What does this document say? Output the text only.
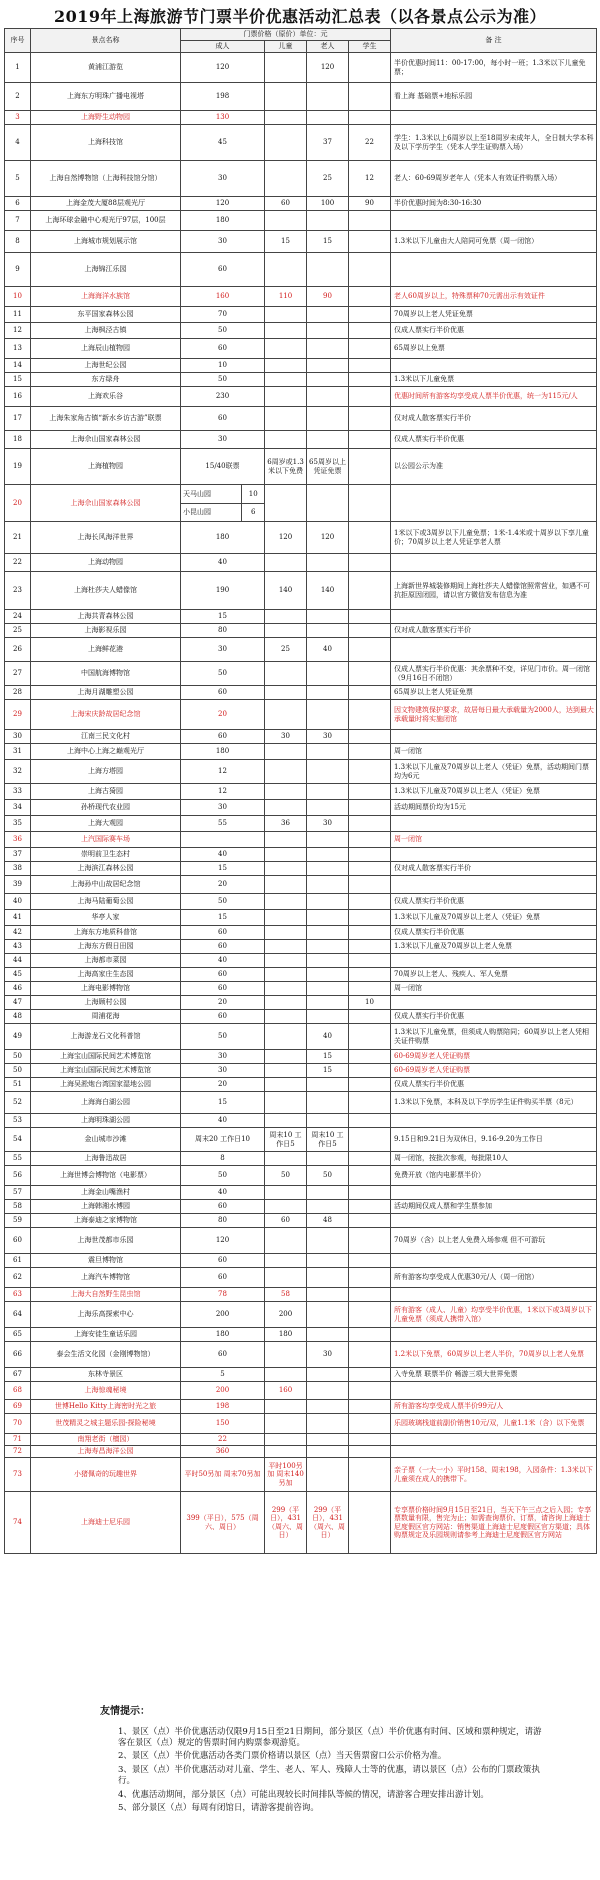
2019年上海旅游节门票半价优惠活动汇总表（以各景点公示为准）
序号	景点名称	门票价格（原价）单位：元	备 注
成人	儿童	老人	学生
1	黄浦江游览	120		120		半价优惠时间11：00-17:00，每小时一班；1.3米以下儿童免票；
2	上海东方明珠广播电视塔	198				看上海 基础票+地标乐园
3	上海野生动物园	130				
4	上海科技馆	45		37	22	学生：1.3米以上6周岁以上至18周岁未成年人，全日制大学本科及以下学历学生（凭本人学生证购票入场）
5	上海自然博物馆（上海科技馆分馆）	30		25	12	老人：60-69周岁老年人（凭本人有效证件购票入场）
6	上海金茂大厦88层观光厅	120	60	100	90	半价优惠时间为8:30-16:30
7	上海环球金融中心观光厅97层，100层	180				
8	上海城市规划展示馆	30	15	15		1.3米以下儿童由大人陪同可免票（周一闭馆）
9	上海锦江乐园	60				
10	上海海洋水族馆	160	110	90		老人60周岁以上，特殊票种70元需出示有效证件
11	东平国家森林公园	70				70周岁以上老人凭证免票
12	上海枫泾古镇	50				仅成人票实行半价优惠
13	上海辰山植物园	60				65周岁以上免票
14	上海世纪公园	10				
15	东方绿舟	50				1.3米以下儿童免票
16	上海欢乐谷	230				优惠时间所有游客均享受成人票半价优惠，统一为115元/人
17	上海朱家角古镇“新水乡访古游”联票	60				仅对成人散客票实行半价
18	上海佘山国家森林公园	30				仅成人票实行半价优惠
19	上海植物园	15/40联票	6周岁或1.3米以下免费	65周岁以上凭证免票		以公园公示为准
20	上海佘山国家森林公园	
天马山园	10
小昆山园	6

21	上海长风海洋世界	180	120	120		1米以下或3周岁以下儿童免票；1米-1.4米或十周岁以下享儿童价；70周岁以上老人凭证享老人票
22	上海动物园	40				
23	上海杜莎夫人蜡像馆	190	140	140		上海新世界城装修期间上海杜莎夫人蜡像馆照常营业，如遇不可抗拒原因闭园，请以官方微信发布信息为准
24	上海共青森林公园	15				
25	上海影视乐园	80				仅对成人散客票实行半价
26	上海鲜花港	30	25	40		
27	中国航海博物馆	50				仅成人票实行半价优惠：其余票种不变，详见门市价。周一闭馆（9月16日不闭馆）
28	上海月湖雕塑公园	60				65周岁以上老人凭证免票
29	上海宋庆龄故居纪念馆	20				因文物建筑保护要求，故居每日最大承载量为2000人，达到最大承载量时将实施闭馆
30	江南三民文化村	60	30	30		
31	上海中心上海之巅观光厅	180				周一闭馆
32	上海方塔园	12				1.3米以下儿童及70周岁以上老人（凭证）免票，活动期间门票均为6元
33	上海古猗园	12				1.3米以下儿童及70周岁以上老人（凭证）免票
34	孙桥现代农业园	30				活动期间票价均为15元
35	上海大观园	55	36	30		
36	上汽国际赛车场					周一闭馆
37	崇明前卫生态村	40				
38	上海滨江森林公园	15				仅对成人散客票实行半价
39	上海孙中山故居纪念馆	20				
40	上海马陆葡萄公园	50				仅成人票实行半价优惠
41	华亭人家	15				1.3米以下儿童及70周岁以上老人（凭证）免票
42	上海东方地质科普馆	60				仅成人票实行半价优惠
43	上海东方假日田园	60				1.3米以下儿童及70周岁以上老人免票
44	上海都市菜园	40				
45	上海高家庄生态园	60				70周岁以上老人、残疾人、军人免票
46	上海电影博物馆	60				周一闭馆
47	上海顾村公园	20			10	
48	周浦花海	60				仅成人票实行半价优惠
49	上海游龙石文化科普馆	50		40		1.3米以下儿童免票，但须成人购票陪同；60周岁以上老人凭相关证件购票
50	上海宝山国际民间艺术博览馆	30		15		60-69周岁老人凭证购票
50	上海宝山国际民间艺术博览馆	30		15		60-69周岁老人凭证购票
51	上海吴淞炮台湾国家湿地公园	20				仅成人票实行半价优惠
52	上海海白湖公园	15				1.3米以下免票，本科及以下学历学生证件购买半票（8元）
53	上海明珠湖公园	40				
54	金山城市沙滩	周末20 工作日10	周末10 工作日5	周末10 工作日5		9.15日和9.21日为双休日，9.16-9.20为工作日
55	上海鲁迅故居	8				周一闭馆，按批次参观，每批限10人
56	上海世博会博物馆（电影票）	50	50	50		免费开放（馆内电影票半价）
57	上海金山嘴渔村	40				
58	上海韩湘水博园	60				活动期间仅成人票和学生票参加
59	上海泰迪之家博物馆	80	60	48		
60	上海世茂都市乐园	120				70周岁（含）以上老人免费入场参观 但不可游玩
61	震旦博物馆	60				
62	上海汽车博物馆	60				所有游客均享受成人优惠30元/人（周一闭馆）
63	上海大自然野生昆虫馆	78	58			
64	上海乐高探索中心	200	200			所有游客（成人、儿童）均享受半价优惠，1米以下或3周岁以下儿童免票（须成人携带入馆）
65	上海安徒生童话乐园	180	180			
66	泰会生活文化园（金刚博物馆）	60		30		1.2米以下免票，60周岁以上老人半价，70周岁以上老人免票
67	东林寺景区	5				入寺免票 联票半价 畅游三项大世界免票
68	上海惊魂秘境	200	160			
69	世博Hello Kitty上海密时光之旅	198				所有游客均享受成人票半价99元/人
70	世茂精灵之城主题乐园-探险秘境	150				乐园玻璃栈道前副价销售10元/双，儿童1.1米（含）以下免票
71	南翔老街（檀园）	22				
72	上海寿昌海洋公园	360				
73	小猪佩奇的玩趣世界	平时50另加 周末70另加	平时100另加 周末140另加			亲子票（一大一小）平时158、周末198，入园条件：1.3米以下儿童须在成人的携带下。
74	上海迪士尼乐园	399（平日），575（周六、周日）	299（平日），431（周六、周日）	299（平日），431（周六、周日）		专享票价格时间9月15日至21日，当天下午三点之后入园；专享票数量有限，售完为止；如需查询票价、订票，请咨询上海迪士尼度假区官方网站：销售渠道上海迪士尼度假区官方渠道；具体购票规定及乐园规则请参考上海迪士尼度假区官方网站
友情提示：
1、景区（点）半价优惠活动仅限9月15日至21日期间，部分景区（点）半价优惠有时间、区域和票种规定，请游客在景区（点）规定的售票时间内购票参观游览。
2、景区（点）半价优惠活动各类门票价格请以景区（点）当天售票窗口公示价格为准。
3、景区（点）半价优惠活动对儿童、学生、老人、军人、残障人士等的优惠，请以景区（点）公布的门票政策执行。
4、优惠活动期间，部分景区（点）可能出现较长时间排队等候的情况，请游客合理安排出游计划。
5、部分景区（点）每周有闭馆日，请游客提前咨询。
